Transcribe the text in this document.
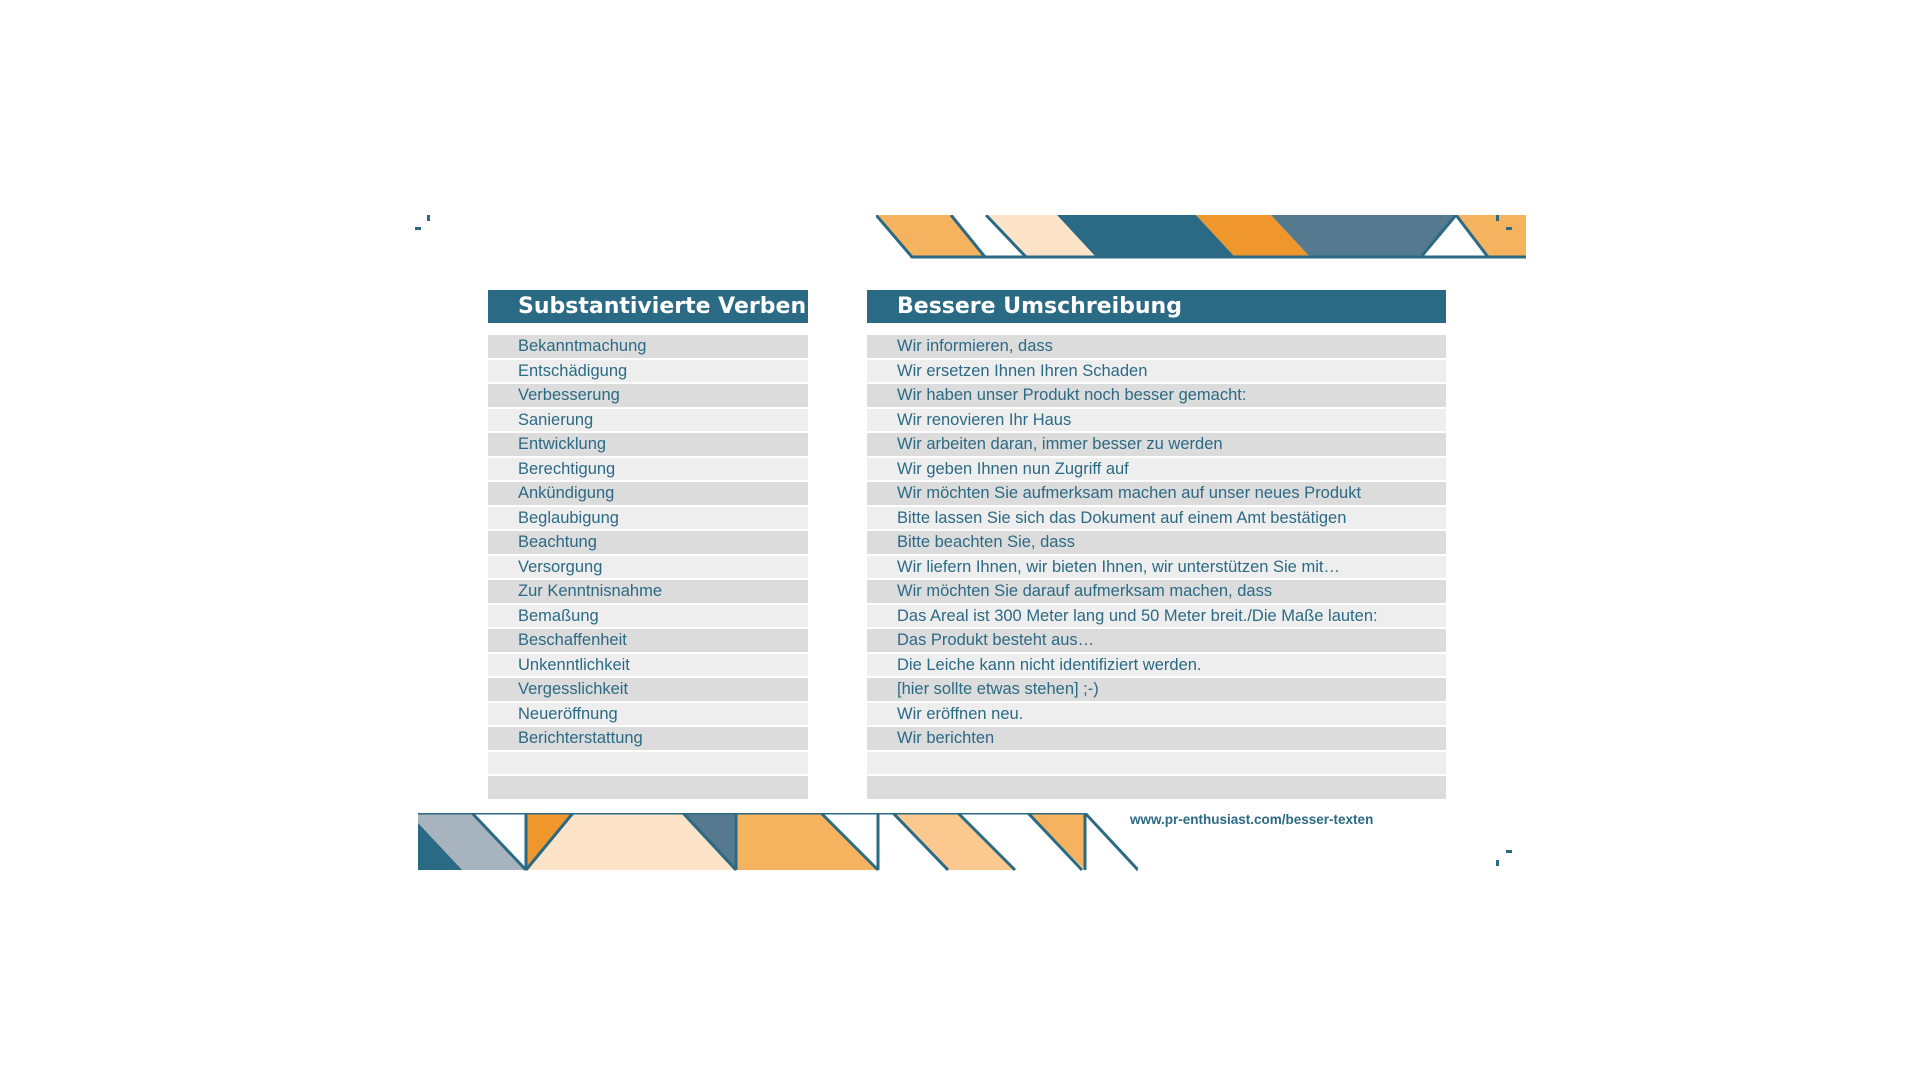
Substantivierte Verben	Bessere Umschreibung
Bekanntmachung
Entschädigung
Verbesserung
Sanierung
Entwicklung
Berechtigung
Ankündigung
Beglaubigung
Beachtung
Versorgung
Zur Kenntnisnahme
Bemaßung
Beschaffenheit
Unkenntlichkeit
Vergesslichkeit
Neueröffnung
Berichterstattung
Wir informieren, dass
Wir ersetzen Ihnen Ihren Schaden
Wir haben unser Produkt noch besser gemacht:
Wir renovieren Ihr Haus
Wir arbeiten daran, immer besser zu werden
Wir geben Ihnen nun Zugriff auf
Wir möchten Sie aufmerksam machen auf unser neues Produkt
Bitte lassen Sie sich das Dokument auf einem Amt bestätigen
Bitte beachten Sie, dass
Wir liefern Ihnen, wir bieten Ihnen, wir unterstützen Sie mit…
Wir möchten Sie darauf aufmerksam machen, dass
Das Areal ist 300 Meter lang und 50 Meter breit./Die Maße lauten:
Das Produkt besteht aus…
Die Leiche kann nicht identifiziert werden.
[hier sollte etwas stehen] ;-)
Wir eröffnen neu.
Wir berichten
www.pr-enthusiast.com/besser-texten
